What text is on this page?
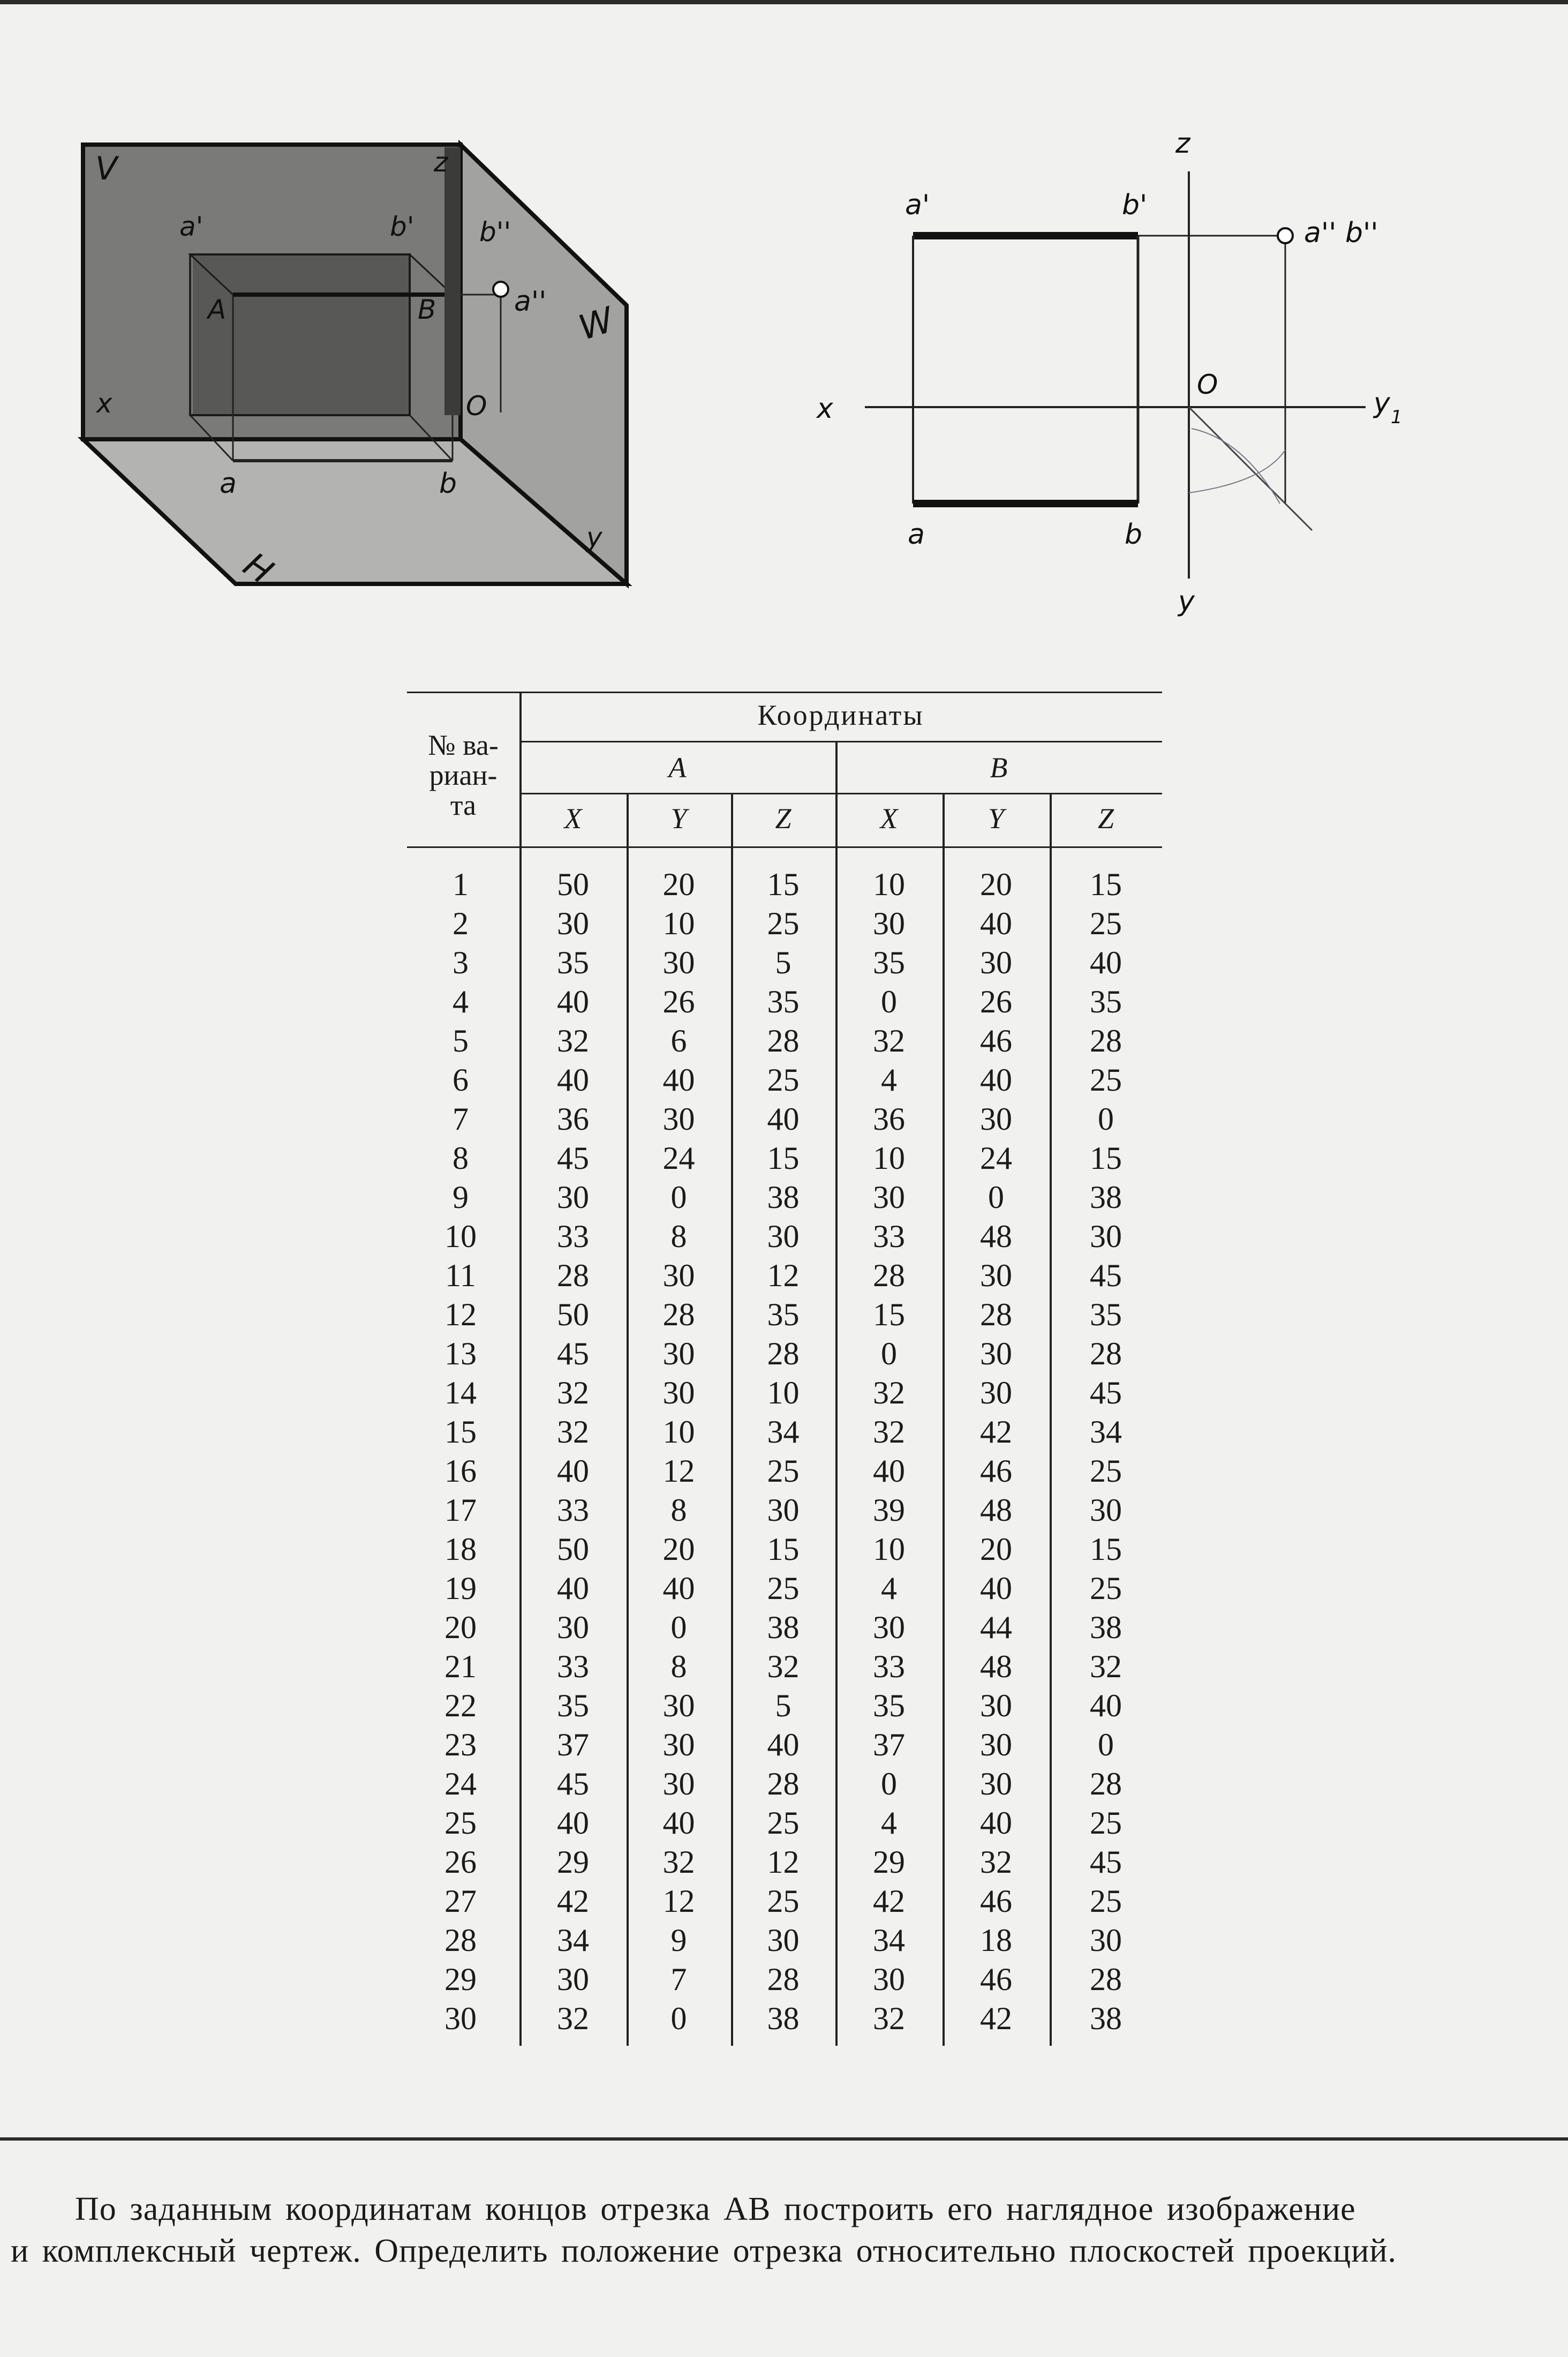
V
W
H
x
y
z
a'	b' b''
a''
A	B
O
a	b
z
y
x	y 1
O
a'	b'
a'' b''
a	b
№ ва-
риан-
та
Координаты
A	B
X	Y	Z	X	Y	Z
1	50	20	15	10	20	15
2	30	10	25	30	40	25
3	35	30	5	35	30	40
4	40	26	35	0	26	35
5	32	6	28	32	46	28
6	40	40	25	4	40	25
7	36	30	40	36	30	0
8	45	24	15	10	24	15
9	30	0	38	30	0	38
10	33	8	30	33	48	30
11	28	30	12	28	30	45
12	50	28	35	15	28	35
13	45	30	28	0	30	28
14	32	30	10	32	30	45
15	32	10	34	32	42	34
16	40	12	25	40	46	25
17	33	8	30	39	48	30
18	50	20	15	10	20	15
19	40	40	25	4	40	25
20	30	0	38	30	44	38
21	33	8	32	33	48	32
22	35	30	5	35	30	40
23	37	30	40	37	30	0
24	45	30	28	0	30	28
25	40	40	25	4	40	25
26	29	32	12	29	32	45
27	42	12	25	42	46	25
28	34	9	30	34	18	30
29	30	7	28	30	46	28
30	32	0	38	32	42	38
По заданным координатам концов отрезка AB построить его наглядное изображение
и комплексный чертеж. Определить положение отрезка относительно плоскостей проекций.
